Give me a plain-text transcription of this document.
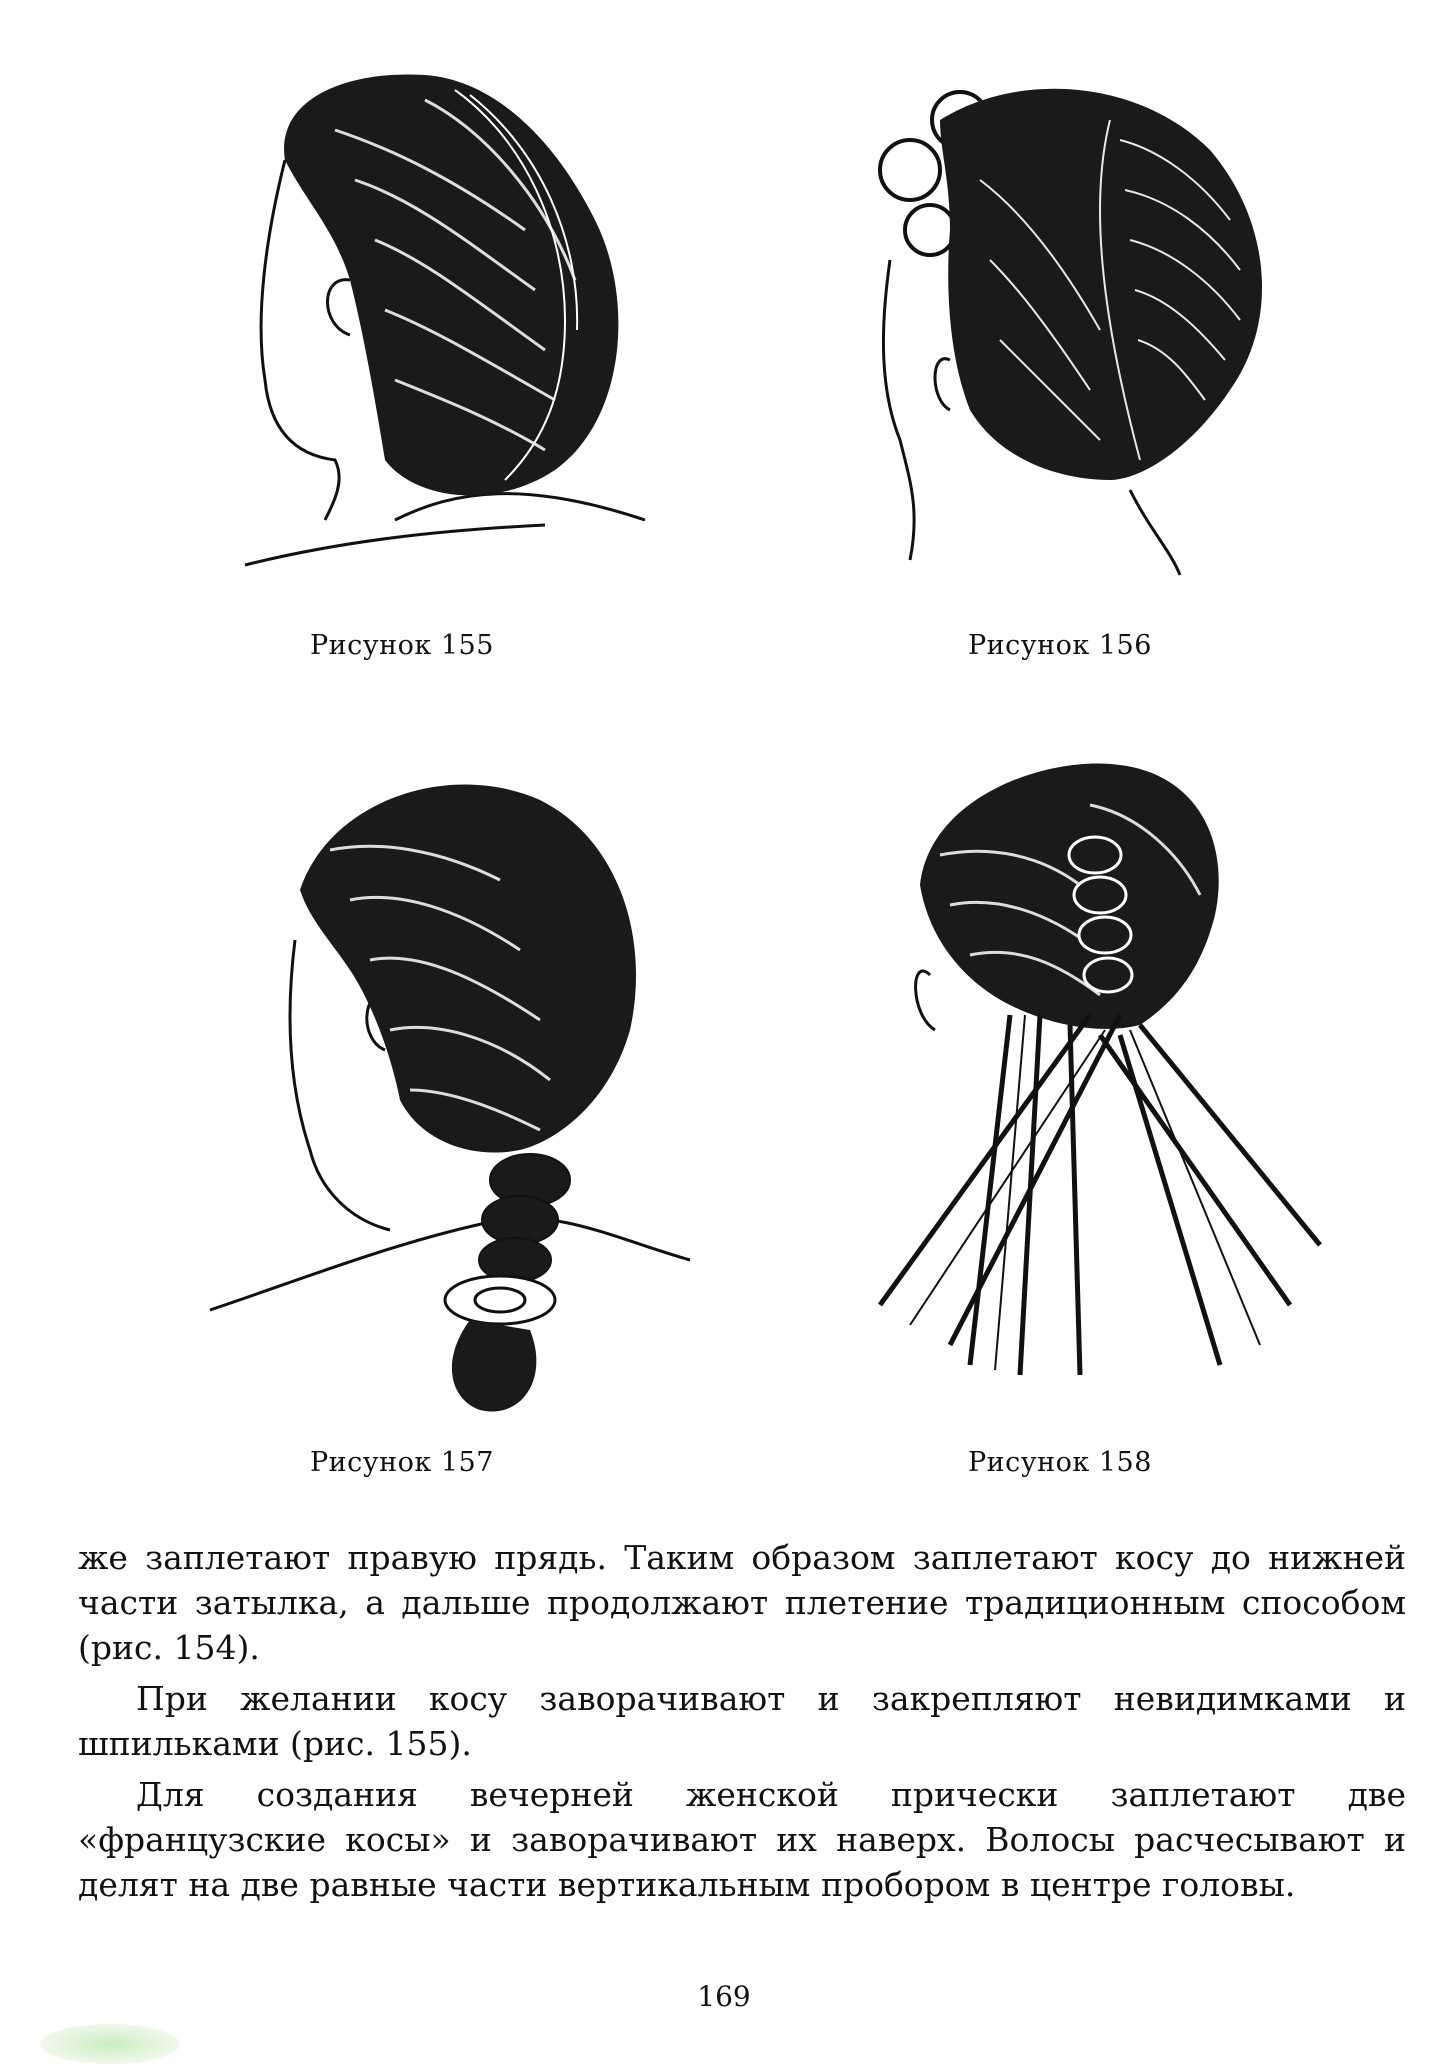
Рисунок 155	Рисунок 156
Рисунок 157	Рисунок 158

же заплетают правую прядь. Таким образом заплетают косу до нижней части затылка, а дальше продолжают плетение традиционным способом (рис. 154).

При желании косу заворачивают и закрепляют невидимками и шпильками (рис. 155).

Для создания вечерней женской прически заплетают две «французские косы» и заворачивают их наверх. Волосы расчесывают и делят на две равные части вертикальным пробором в центре головы.

169
